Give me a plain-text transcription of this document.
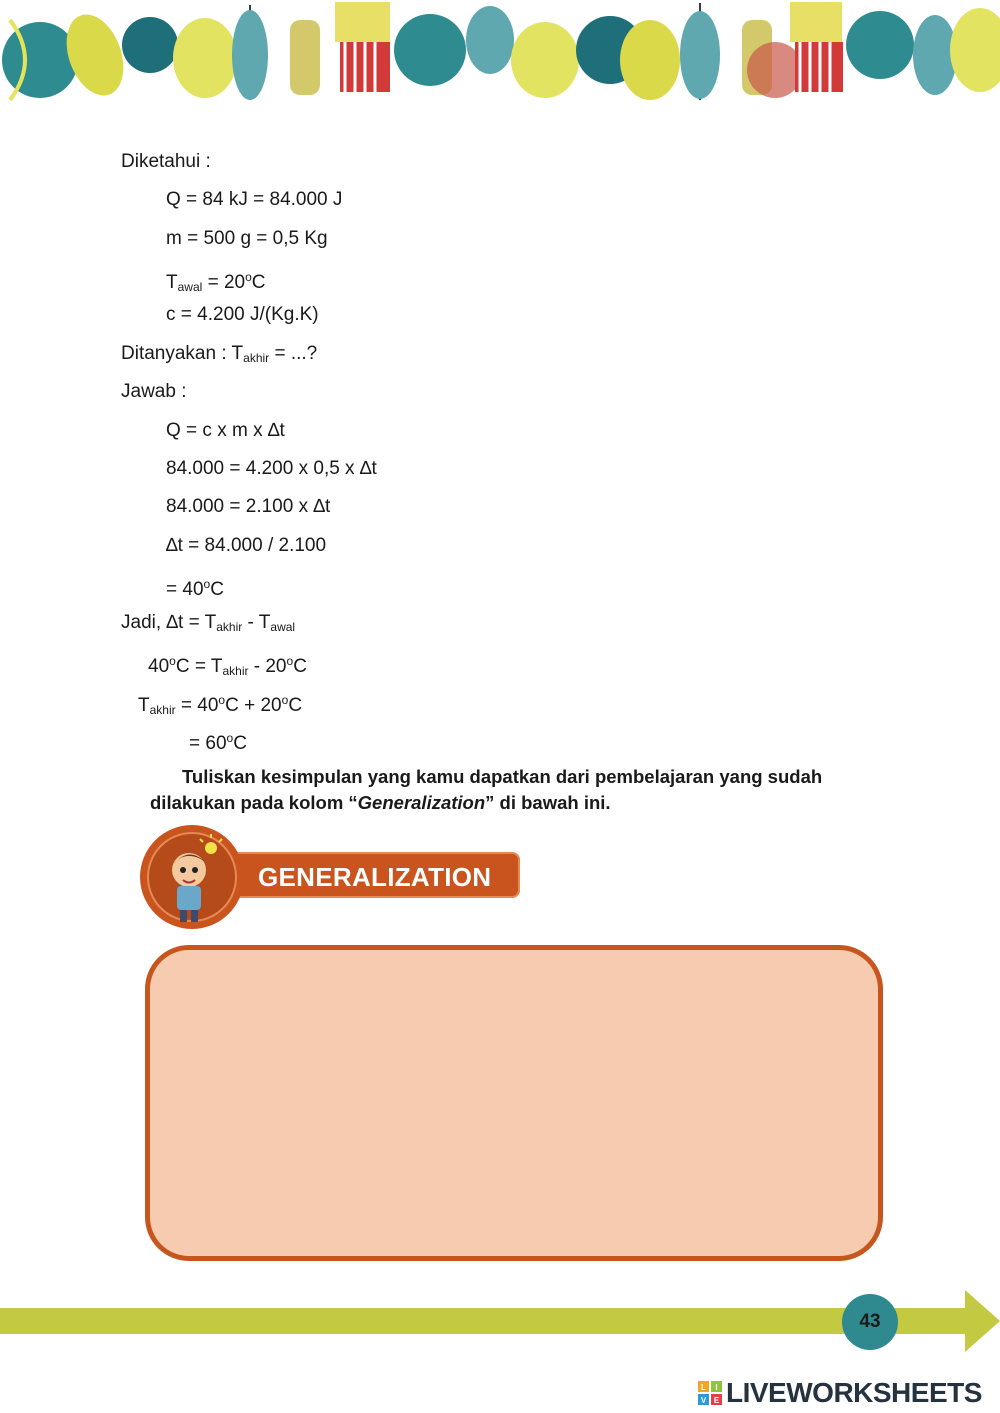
Diketahui :
Q = 84 kJ = 84.000 J
m = 500 g = 0,5 Kg
$T_{awal} = 20^oC$
c = 4.200 J/(Kg.K)
Ditanyakan : $T_{akhir}$ = ...?
Jawab :
Q = c x m x ∆t
84.000 = 4.200 x 0,5 x ∆t
84.000 = 2.100 x ∆t
∆t = 84.000 / 2.100
= $40^oC$
Jadi, $\Delta t = T_{akhir} - T_{awal}$
$40^oC = T_{akhir} - 20^oC$
$T_{akhir} = 40^oC + 20^oC$
= $60^oC$
Tuliskan kesimpulan yang kamu dapatkan dari pembelajaran yang sudah
dilakukan pada kolom “Generalization” di bawah ini.
GENERALIZATION
43
L I
V E LIVEWORKSHEETS
